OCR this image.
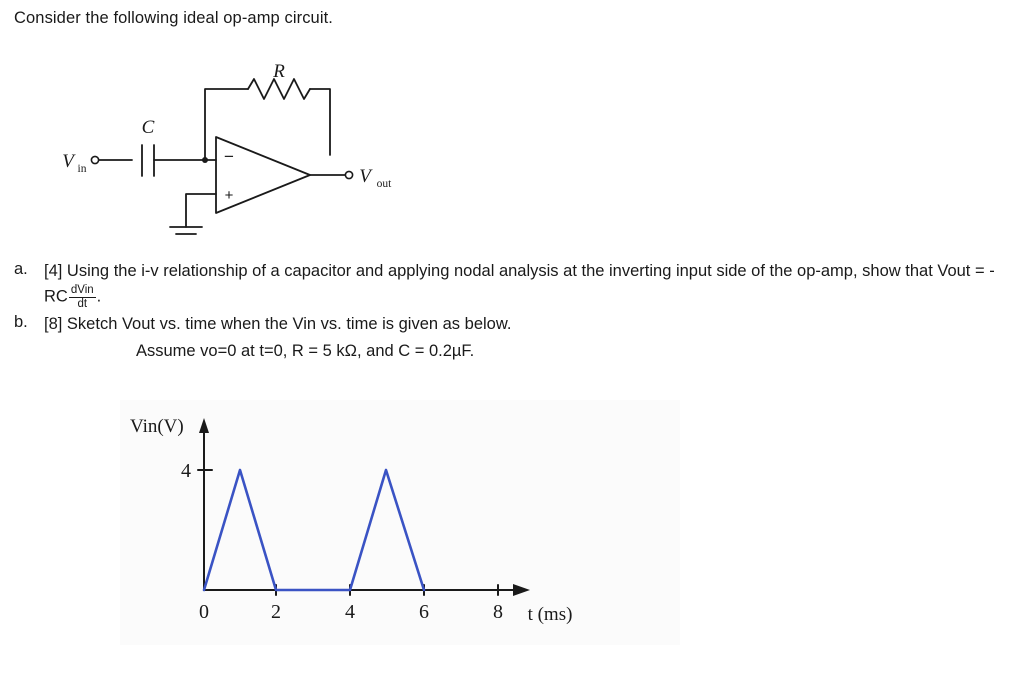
Consider the following ideal op-amp circuit.
R
C
V in	V out
−
+
a. [4] Using the i-v relationship of a capacitor and applying nodal analysis at the inverting input side of the op-amp, show that Vout = $-RC \frac{\text{dVin}}{dt}$ .
b. [8] Sketch Vout vs. time when the Vin vs. time is given as below.
Assume vo=0 at t=0, R = 5 kΩ, and C = 0.2µF.
Vin(V)
4
0	2	4	6	8 t (ms)
